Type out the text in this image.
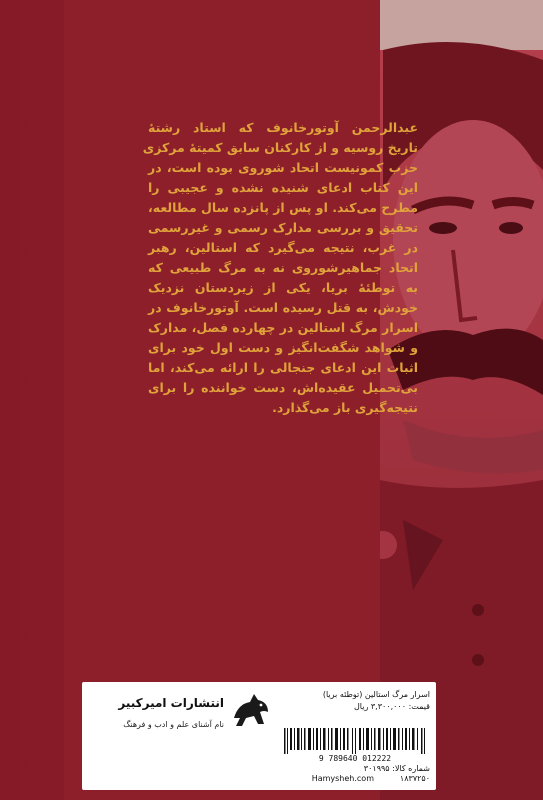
عبدالرحمن آوتورخانوف که استاد رشتهٔ
تاریخ روسیه و از کارکنان سابق کمیتهٔ مرکزی
حزب کمونیست اتحاد شوروی بوده است، در
این کتاب ادعای شنیده نشده و عجیبی را
مطرح می‌کند. او پس از پانزده سال مطالعه،
تحقیق و بررسی مدارک رسمی و غیررسمی
در غرب، نتیجه می‌گیرد که استالین، رهبر
اتحاد جماهیرشوروی نه به مرگ طبیعی که
به توطئهٔ بریا، یکی از زیردستان نزدیک
خودش، به قتل رسیده است. آوتورخانوف در
اسرار مرگ استالین در چهارده فصل، مدارک
و شواهد شگفت‌انگیز و دست اول خود برای
اثبات این ادعای جنجالی را ارائه می‌کند، اما
بی‌تحمیل عقیده‌اش، دست خواننده را برای
نتیجه‌گیری باز می‌گذارد.
انتشارات امیرکبیر
نام آشنای علم و ادب و فرهنگ
اسرار مرگ استالین (توطئه بریا)
قیمت: ۳,۳۰۰,۰۰۰ ریال
9 789640 012222
شماره کالا: ۳۰۱۹۹۵
Hamysheh.com	۱۸۳۷۲۵۰
